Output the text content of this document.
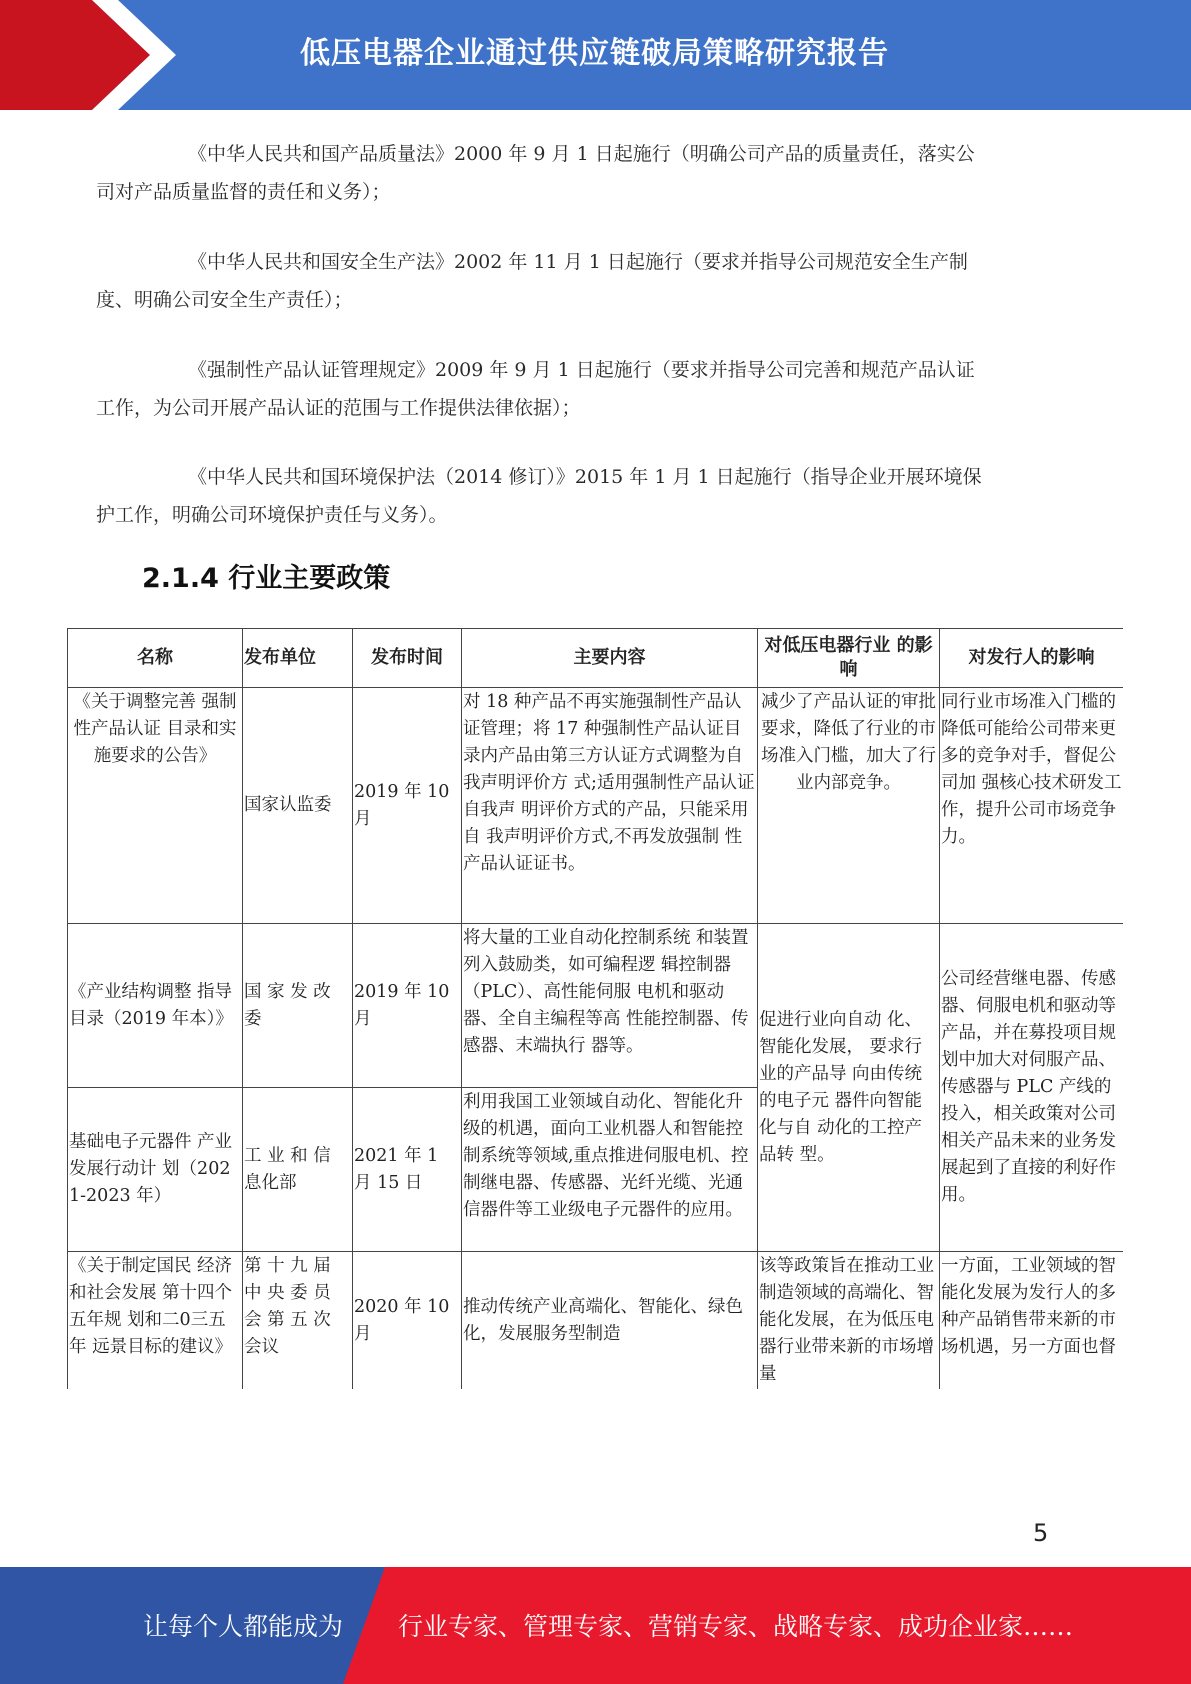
低压电器企业通过供应链破局策略研究报告

《中华人民共和国产品质量法》2000 年 9 月 1 日起施行（明确公司产品的质量责任，落实公
司对产品质量监督的责任和义务）；

《中华人民共和国安全生产法》2002 年 11 月 1 日起施行（要求并指导公司规范安全生产制
度、明确公司安全生产责任）；

《强制性产品认证管理规定》2009 年 9 月 1 日起施行（要求并指导公司完善和规范产品认证
工作，为公司开展产品认证的范围与工作提供法律依据）；

《中华人民共和国环境保护法（2014 修订）》2015 年 1 月 1 日起施行（指导企业开展环境保
护工作，明确公司环境保护责任与义务）。

2.1.4 行业主要政策
名称	发布单位	发布时间	主要内容	对低压电器行业 的影响	对发行人的影响
《关于调整完善 强制性产品认证 目录和实施要求的公告》	国家认监委	2019 年 10 月	对 18 种产品不再实施强制性产品认证管理；将 17 种强制性产品认证目录内产品由第三方认证方式调整为自我声明评价方 式;适用强制性产品认证自我声 明评价方式的产品，只能采用自 我声明评价方式,不再发放强制 性产品认证证书。	减少了产品认证的审批要求，降低了行业的市场准入门槛，加大了行业内部竞争。	同行业市场准入门槛的降低可能给公司带来更多的竞争对手，督促公司加 强核心技术研发工作，提升公司市场竞争力。
《产业结构调整 指导目录（2019 年本）》	国 家 发 改 委	2019 年 10 月	将大量的工业自动化控制系统 和装置列入鼓励类，如可编程逻 辑控制器（PLC）、高性能伺服 电机和驱动器、全自主编程等高 性能控制器、传感器、末端执行 器等。	促进行业向自动 化、智能化发展， 要求行业的产品导 向由传统的电子元 器件向智能化与自 动化的工控产品转 型。	公司经营继电器、传感器、伺服电机和驱动等产品，并在募投项目规划中加大对伺服产品、传感器与 PLC 产线的投入，相关政策对公司相关产品未来的业务发展起到了直接的利好作 用。
基础电子元器件 产业发展行动计 划（2021-2023 年）	工 业 和 信 息化部	2021 年 1 月 15 日	利用我国工业领域自动化、智能化升级的机遇，面向工业机器人和智能控制系统等领域,重点推进伺服电机、控制继电器、传感器、光纤光缆、光通信器件等工业级电子元器件的应用。		
《关于制定国民 经济和社会发展 第十四个五年规 划和二0三五年 远景目标的建议》	第 十 九 届 中 央 委 员 会 第 五 次 会议	2020 年 10 月	推动传统产业高端化、智能化、绿色化，发展服务型制造	该等政策旨在推动工业制造领域的高端化、智能化发展，在为低压电器行业带来新的市场增量	一方面，工业领域的智能化发展为发行人的多种产品销售带来新的市场机遇，另一方面也督
5
让每个人都能成为 行业专家、管理专家、营销专家、战略专家、成功企业家……
